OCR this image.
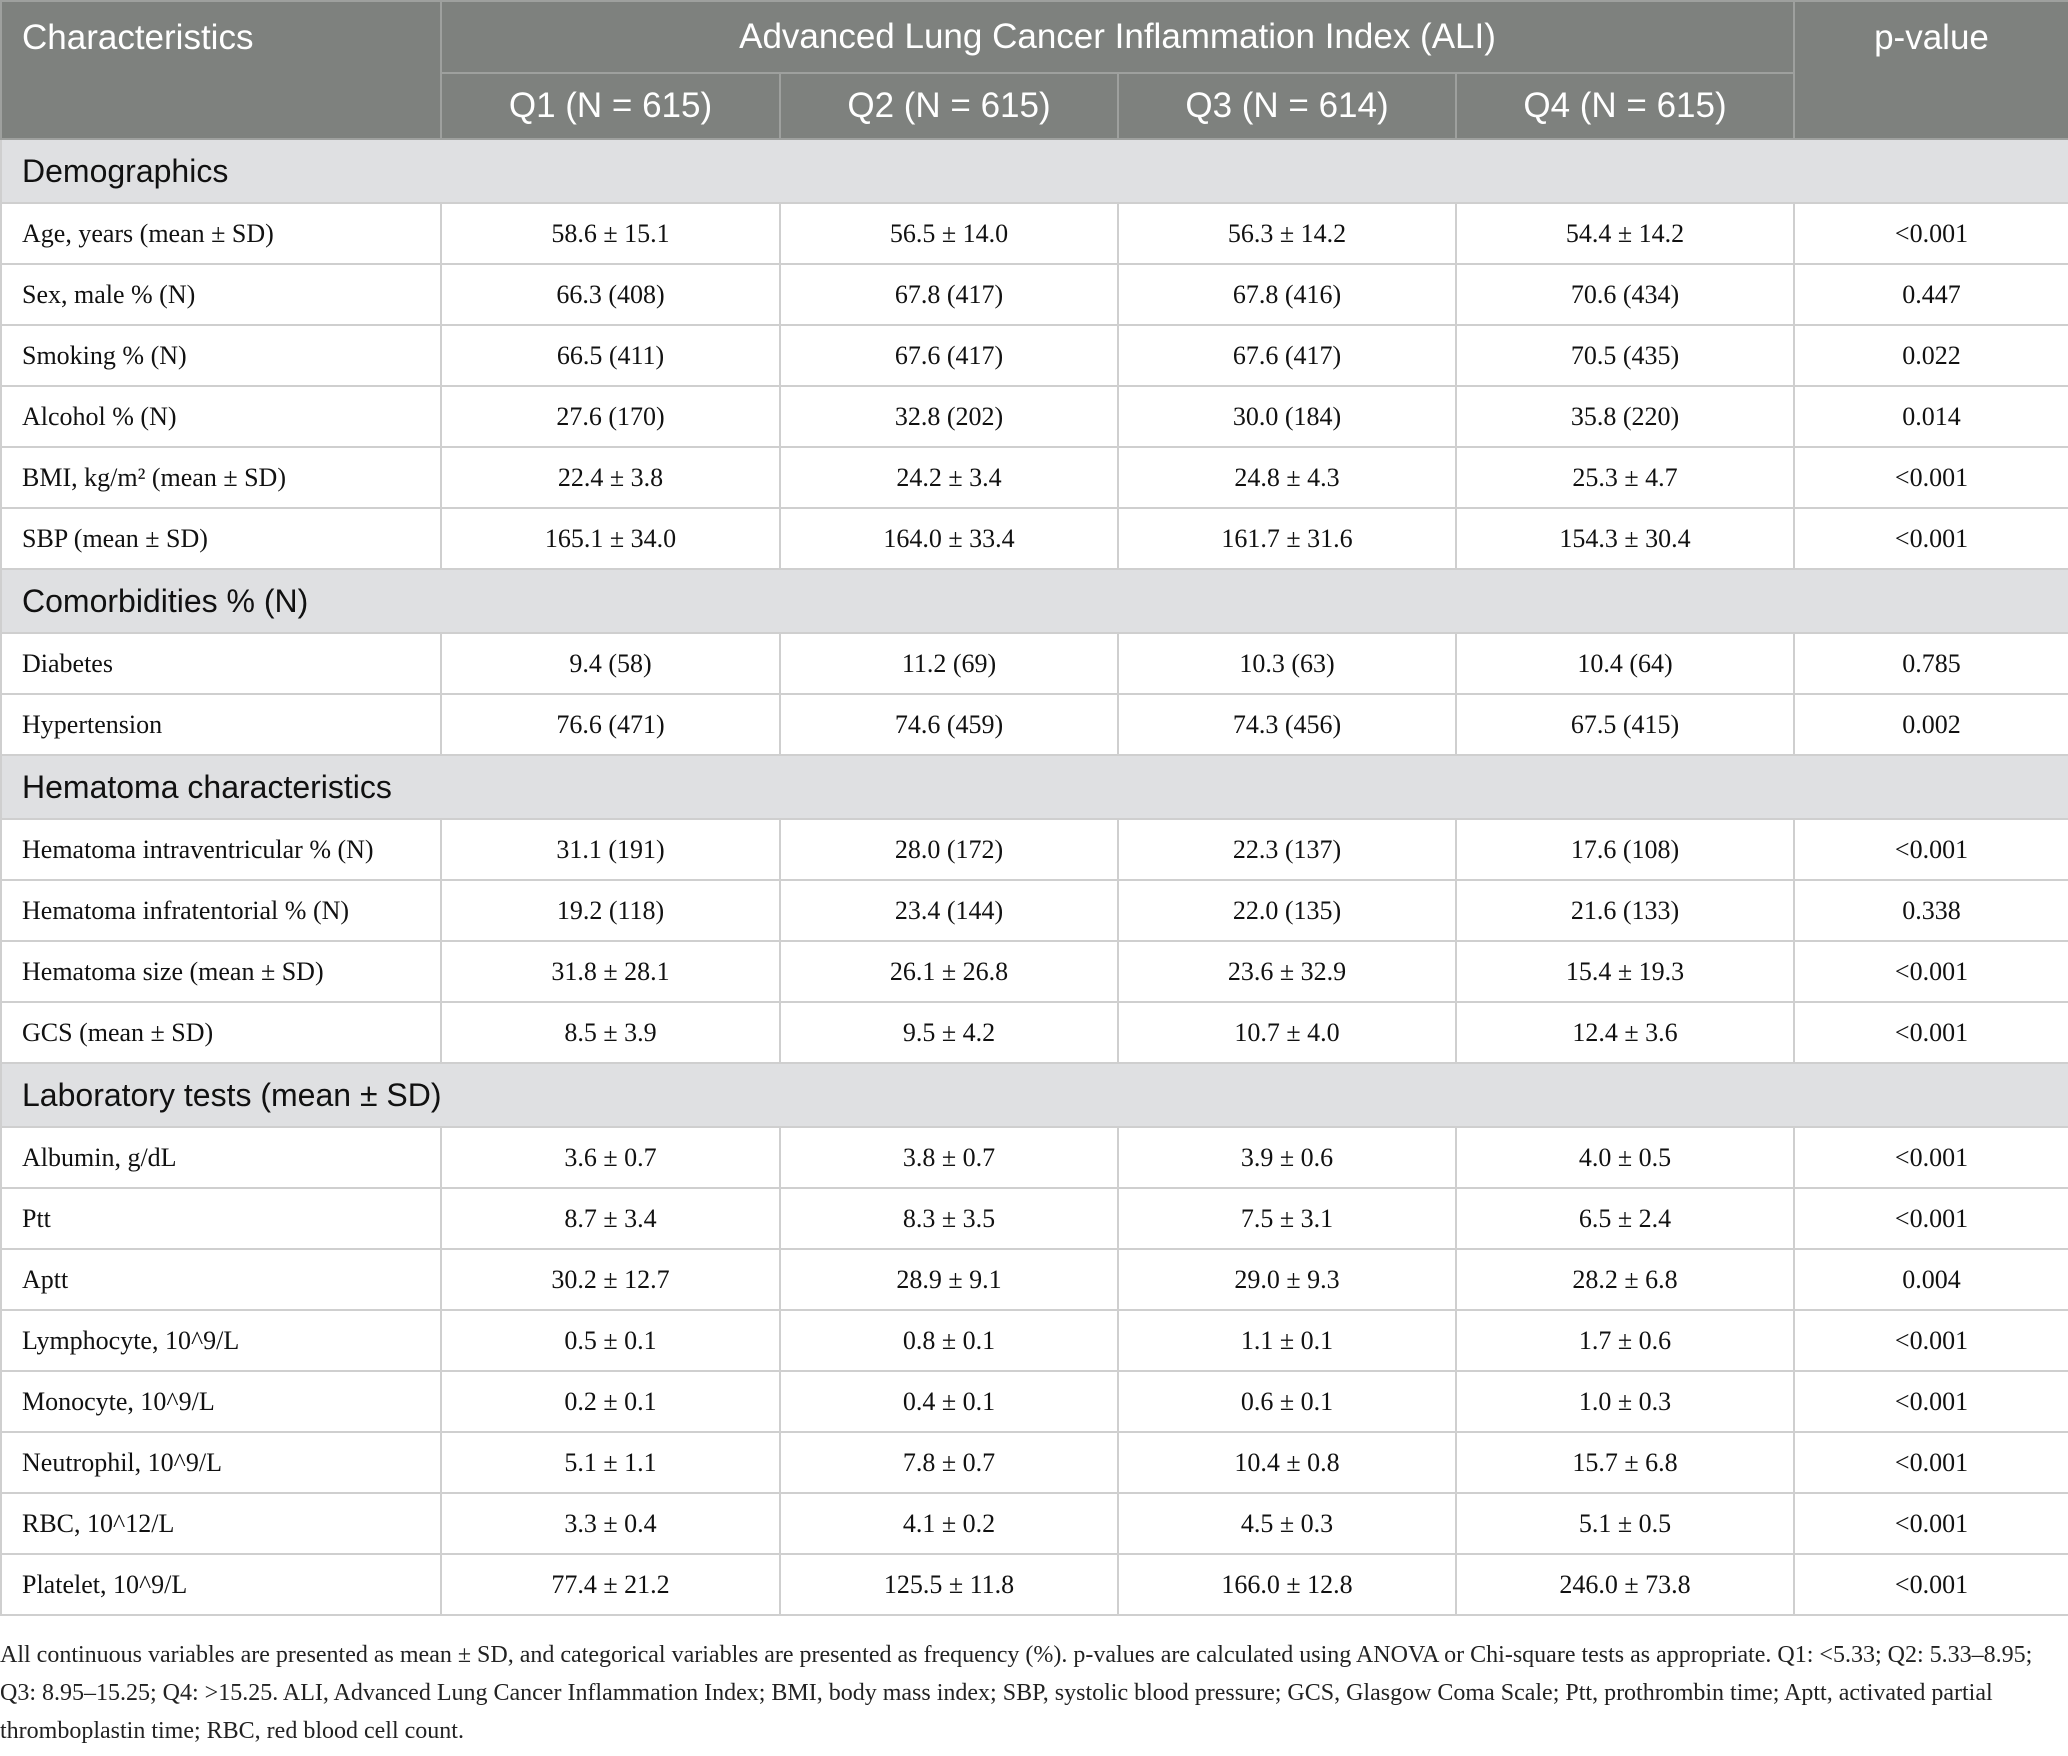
Characteristics	Advanced Lung Cancer Inflammation Index (ALI)				p-value
	Q1 (N = 615)	Q2 (N = 615)	Q3 (N = 614)	Q4 (N = 615)	
Demographics					
Age, years (mean ± SD)	58.6 ± 15.1	56.5 ± 14.0	56.3 ± 14.2	54.4 ± 14.2	<0.001
Sex, male % (N)	66.3 (408)	67.8 (417)	67.8 (416)	70.6 (434)	0.447
Smoking % (N)	66.5 (411)	67.6 (417)	67.6 (417)	70.5 (435)	0.022
Alcohol % (N)	27.6 (170)	32.8 (202)	30.0 (184)	35.8 (220)	0.014
BMI, kg/m² (mean ± SD)	22.4 ± 3.8	24.2 ± 3.4	24.8 ± 4.3	25.3 ± 4.7	<0.001
SBP (mean ± SD)	165.1 ± 34.0	164.0 ± 33.4	161.7 ± 31.6	154.3 ± 30.4	<0.001
Comorbidities % (N)					
Diabetes	9.4 (58)	11.2 (69)	10.3 (63)	10.4 (64)	0.785
Hypertension	76.6 (471)	74.6 (459)	74.3 (456)	67.5 (415)	0.002
Hematoma characteristics					
Hematoma intraventricular % (N)	31.1 (191)	28.0 (172)	22.3 (137)	17.6 (108)	<0.001
Hematoma infratentorial % (N)	19.2 (118)	23.4 (144)	22.0 (135)	21.6 (133)	0.338
Hematoma size (mean ± SD)	31.8 ± 28.1	26.1 ± 26.8	23.6 ± 32.9	15.4 ± 19.3	<0.001
GCS (mean ± SD)	8.5 ± 3.9	9.5 ± 4.2	10.7 ± 4.0	12.4 ± 3.6	<0.001
Laboratory tests (mean ± SD)					
Albumin, g/dL	3.6 ± 0.7	3.8 ± 0.7	3.9 ± 0.6	4.0 ± 0.5	<0.001
Ptt	8.7 ± 3.4	8.3 ± 3.5	7.5 ± 3.1	6.5 ± 2.4	<0.001
Aptt	30.2 ± 12.7	28.9 ± 9.1	29.0 ± 9.3	28.2 ± 6.8	0.004
Lymphocyte, 10^9/L	0.5 ± 0.1	0.8 ± 0.1	1.1 ± 0.1	1.7 ± 0.6	<0.001
Monocyte, 10^9/L	0.2 ± 0.1	0.4 ± 0.1	0.6 ± 0.1	1.0 ± 0.3	<0.001
Neutrophil, 10^9/L	5.1 ± 1.1	7.8 ± 0.7	10.4 ± 0.8	15.7 ± 6.8	<0.001
RBC, 10^12/L	3.3 ± 0.4	4.1 ± 0.2	4.5 ± 0.3	5.1 ± 0.5	<0.001
Platelet, 10^9/L	77.4 ± 21.2	125.5 ± 11.8	166.0 ± 12.8	246.0 ± 73.8	<0.001
All continuous variables are presented as mean ± SD, and categorical variables are presented as frequency (%). p-values are calculated using ANOVA or Chi-square tests as appropriate. Q1: <5.33; Q2: 5.33–8.95; Q3: 8.95–15.25; Q4: >15.25. ALI, Advanced Lung Cancer Inflammation Index; BMI, body mass index; SBP, systolic blood pressure; GCS, Glasgow Coma Scale; Ptt, prothrombin time; Aptt, activated partial thromboplastin time; RBC, red blood cell count.
